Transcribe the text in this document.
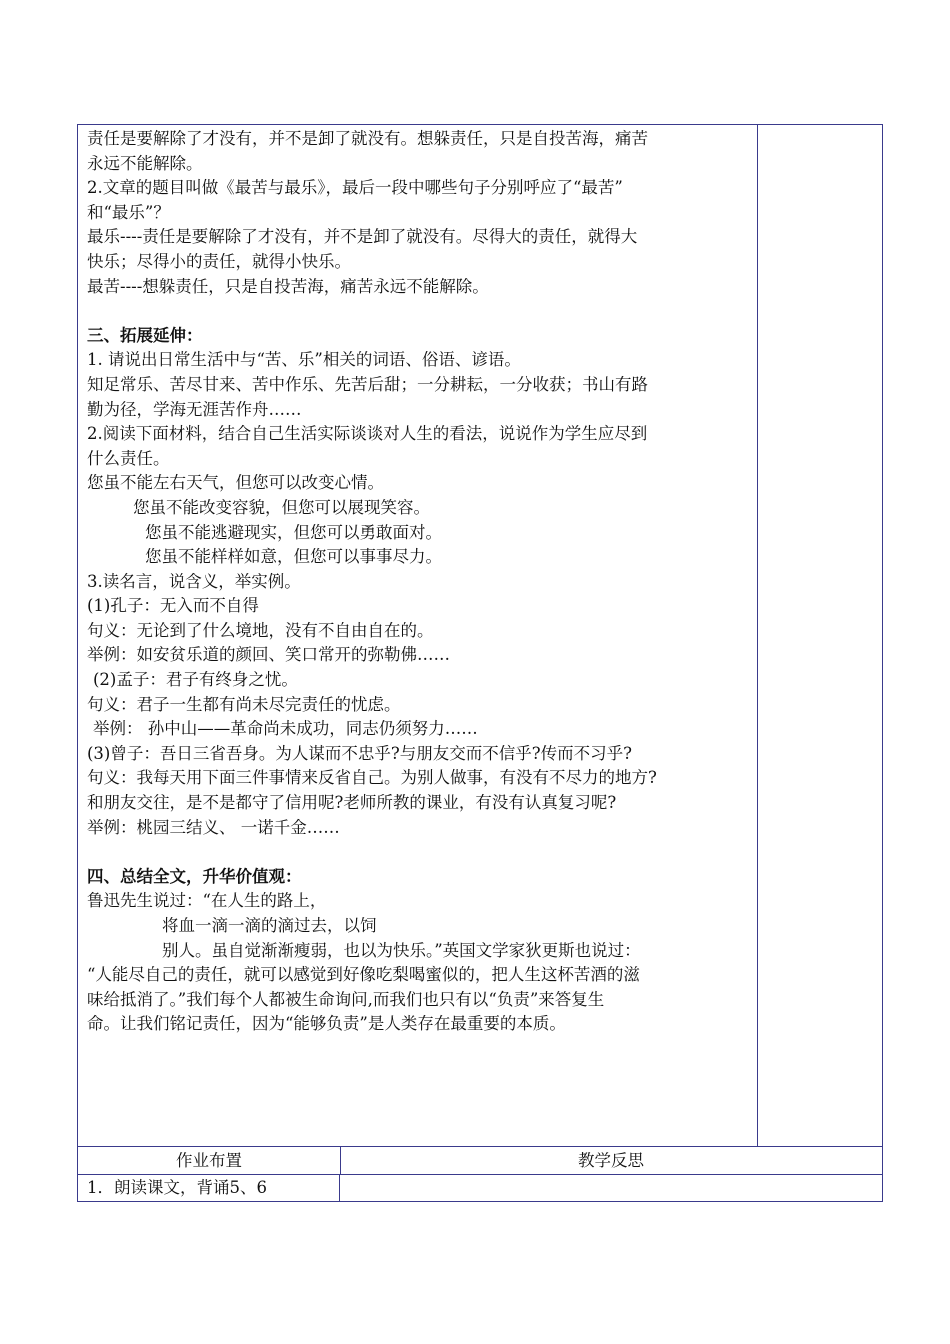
责任是要解除了才没有，并不是卸了就没有。想躲责任，只是自投苦海，痛苦
永远不能解除。
2.文章的题目叫做《最苦与最乐》，最后一段中哪些句子分别呼应了“最苦”
和“最乐”？
最乐----责任是要解除了才没有，并不是卸了就没有。尽得大的责任，就得大
快乐；尽得小的责任，就得小快乐。
最苦----想躲责任，只是自投苦海，痛苦永远不能解除。
三、拓展延伸：
1. 请说出日常生活中与“苦、乐”相关的词语、俗语、谚语。
知足常乐、苦尽甘来、苦中作乐、先苦后甜；一分耕耘，一分收获；书山有路
勤为径，学海无涯苦作舟……
2.阅读下面材料，结合自己生活实际谈谈对人生的看法，说说作为学生应尽到
什么责任。
您虽不能左右天气，但您可以改变心情。
您虽不能改变容貌，但您可以展现笑容。
您虽不能逃避现实，但您可以勇敢面对。
您虽不能样样如意，但您可以事事尽力。
3.读名言，说含义，举实例。
(1)孔子：无入而不自得
句义：无论到了什么境地，没有不自由自在的。
举例：如安贫乐道的颜回、笑口常开的弥勒佛……
(2)孟子：君子有终身之忧。
句义：君子一生都有尚未尽完责任的忧虑。
举例： 孙中山——革命尚未成功，同志仍须努力……
(3)曾子：吾日三省吾身。为人谋而不忠乎?与朋友交而不信乎?传而不习乎?
句义：我每天用下面三件事情来反省自己。为别人做事，有没有不尽力的地方?
和朋友交往，是不是都守了信用呢?老师所教的课业，有没有认真复习呢?
举例：桃园三结义、 一诺千金……
四、总结全文，升华价值观：
鲁迅先生说过：“在人生的路上，
将血一滴一滴的滴过去，以饲
别人。虽自觉渐渐瘦弱，也以为快乐。”英国文学家狄更斯也说过：
“人能尽自己的责任，就可以感觉到好像吃梨喝蜜似的，把人生这杯苦酒的滋
味给抵消了。”我们每个人都被生命询问,而我们也只有以“负责”来答复生
命。让我们铭记责任，因为“能够负责”是人类存在最重要的本质。
作业布置	教学反思
1．朗读课文，背诵5、6
